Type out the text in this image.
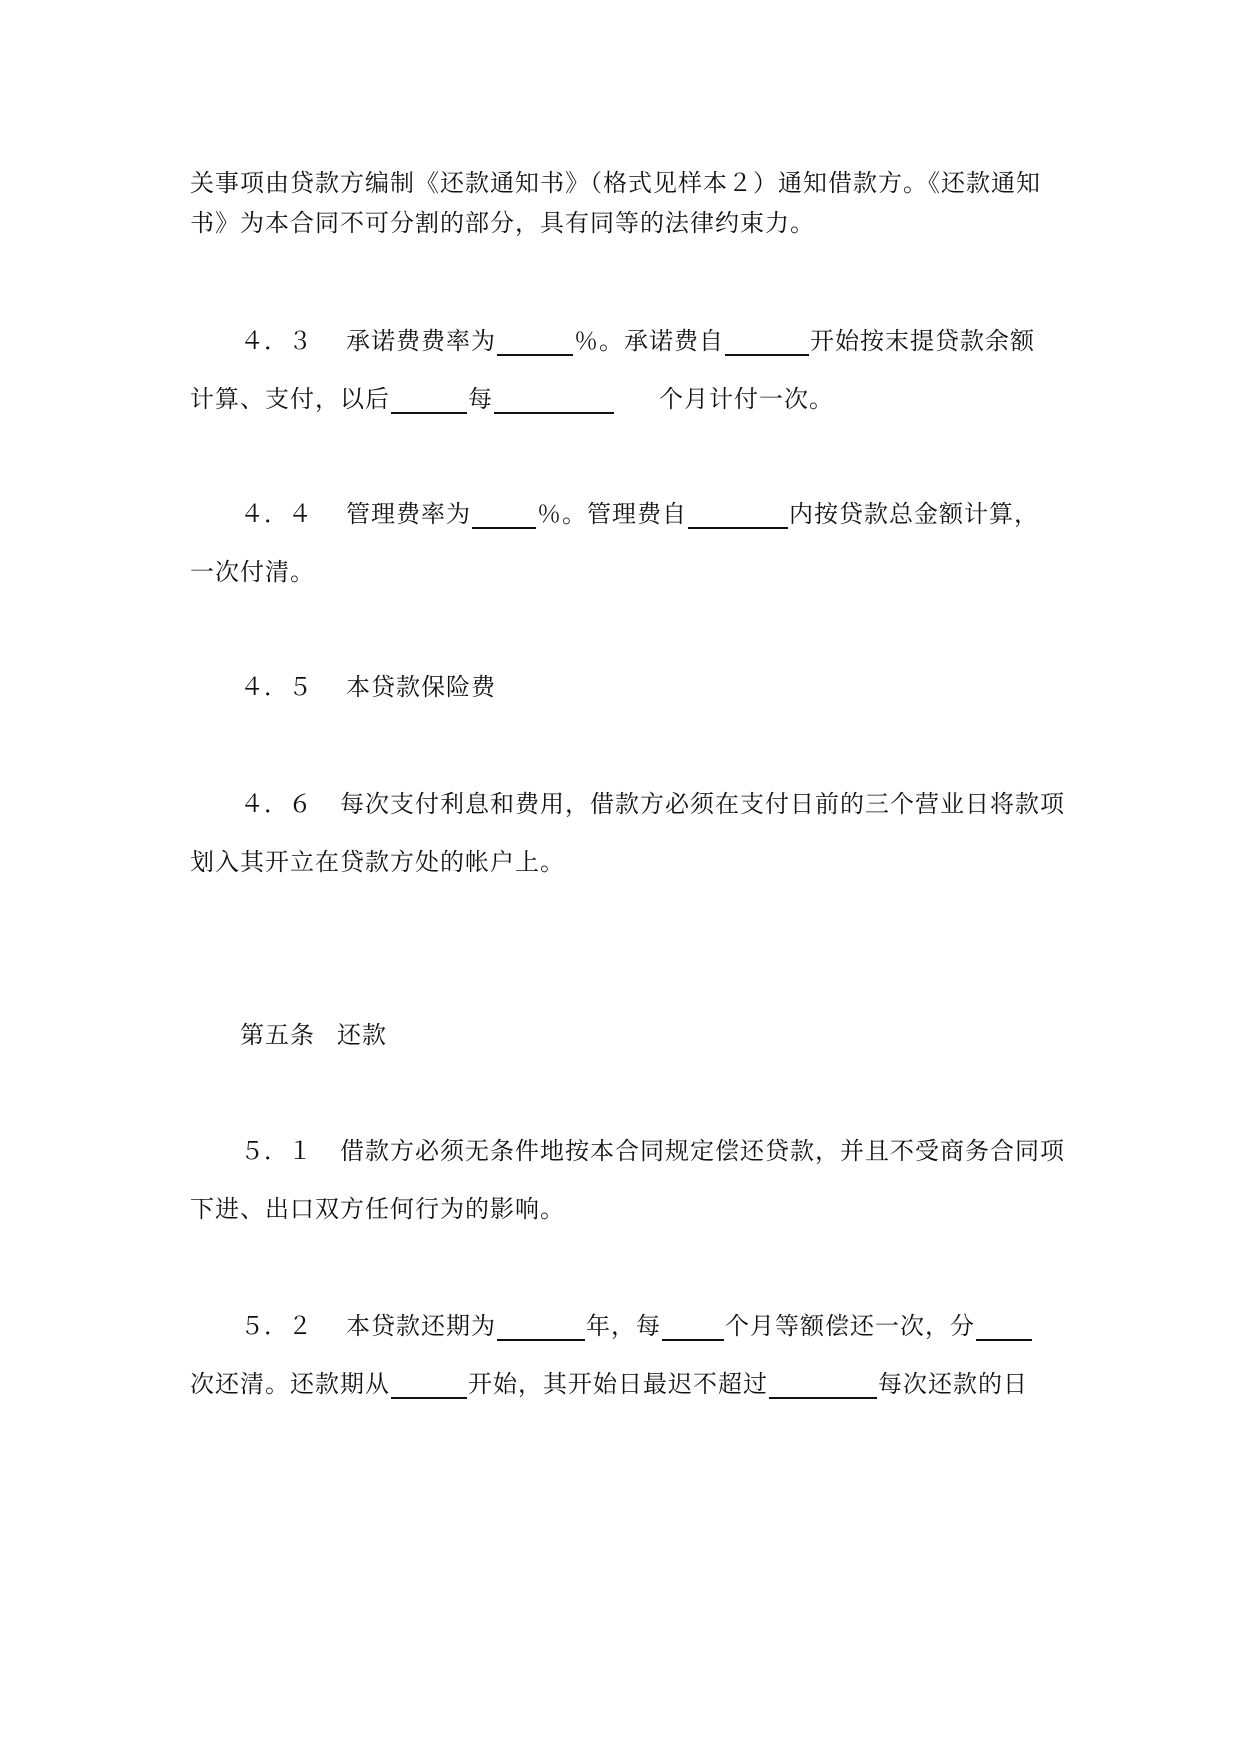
关事项由贷款方编制《还款通知书》（格式见样本２）通知借款方。《还款通知
书》为本合同不可分割的部分，具有同等的法律约束力。
４．３ 承诺费费率为	％。承诺费自	开始按末提贷款余额
计算、支付，以后	每	个月计付一次。
４．４ 管理费率为	％。管理费自	内按贷款总金额计算，
一次付清。
４．５ 本贷款保险费
４．６ 每次支付利息和费用，借款方必须在支付日前的三个营业日将款项
划入其开立在贷款方处的帐户上。
第五条 还款
５．１ 借款方必须无条件地按本合同规定偿还贷款，并且不受商务合同项
下进、出口双方任何行为的影响。
５．２ 本贷款还期为	年，每	个月等额偿还一次，分
次还清。还款期从	开始，其开始日最迟不超过	每次还款的日
